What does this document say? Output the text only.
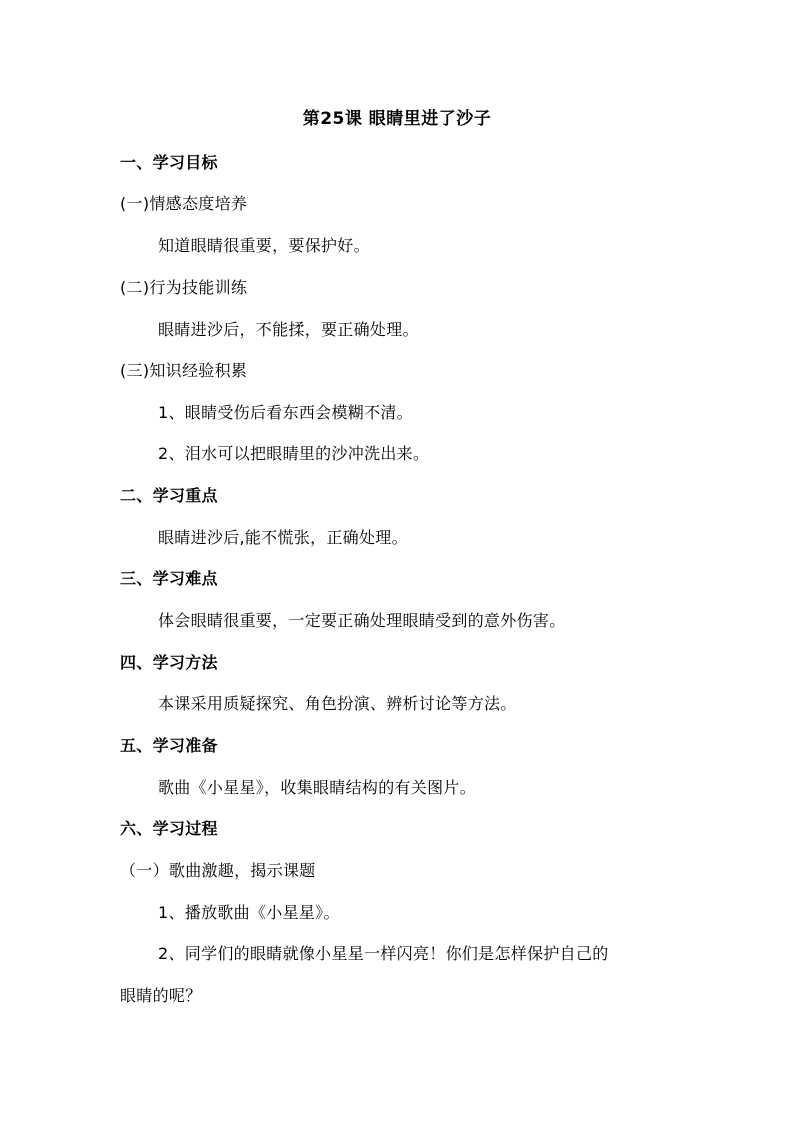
第25课 眼睛里进了沙子
一、学习目标
(一)情感态度培养
知道眼睛很重要，要保护好。
(二)行为技能训练
眼睛进沙后，不能揉，要正确处理。
(三)知识经验积累
1、眼睛受伤后看东西会模糊不清。
2、泪水可以把眼睛里的沙冲洗出来。
二、学习重点
眼睛进沙后,能不慌张，正确处理。
三、学习难点
体会眼睛很重要，一定要正确处理眼睛受到的意外伤害。
四、学习方法
本课采用质疑探究、角色扮演、辨析讨论等方法。
五、学习准备
歌曲《小星星》，收集眼睛结构的有关图片。
六、学习过程
（一）歌曲激趣，揭示课题
1、播放歌曲《小星星》。
2、同学们的眼睛就像小星星一样闪亮！你们是怎样保护自己的
眼睛的呢？
